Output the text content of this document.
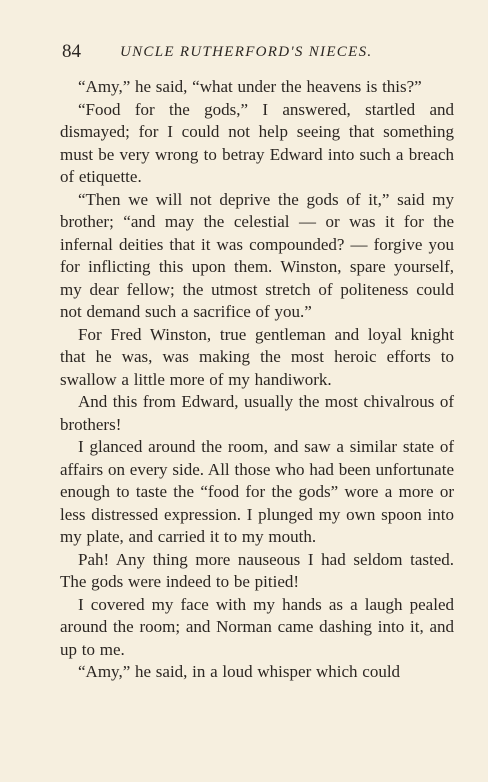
84	UNCLE RUTHERFORD'S NIECES.

“Amy,” he said, “what under the heavens is this?”

“Food for the gods,” I answered, startled and dismayed; for I could not help seeing that something must be very wrong to betray Edward into such a breach of etiquette.

“Then we will not deprive the gods of it,” said my brother; “and may the celestial — or was it for the infernal deities that it was compounded? — forgive you for inflicting this upon them. Winston, spare yourself, my dear fellow; the utmost stretch of politeness could not demand such a sacrifice of you.”

For Fred Winston, true gentleman and loyal knight that he was, was making the most heroic efforts to swallow a little more of my handiwork.

And this from Edward, usually the most chivalrous of brothers!

I glanced around the room, and saw a similar state of affairs on every side. All those who had been unfortunate enough to taste the “food for the gods” wore a more or less distressed expression. I plunged my own spoon into my plate, and carried it to my mouth.

Pah! Any thing more nauseous I had seldom tasted. The gods were indeed to be pitied!

I covered my face with my hands as a laugh pealed around the room; and Norman came dashing into it, and up to me.

“Amy,” he said, in a loud whisper which could
